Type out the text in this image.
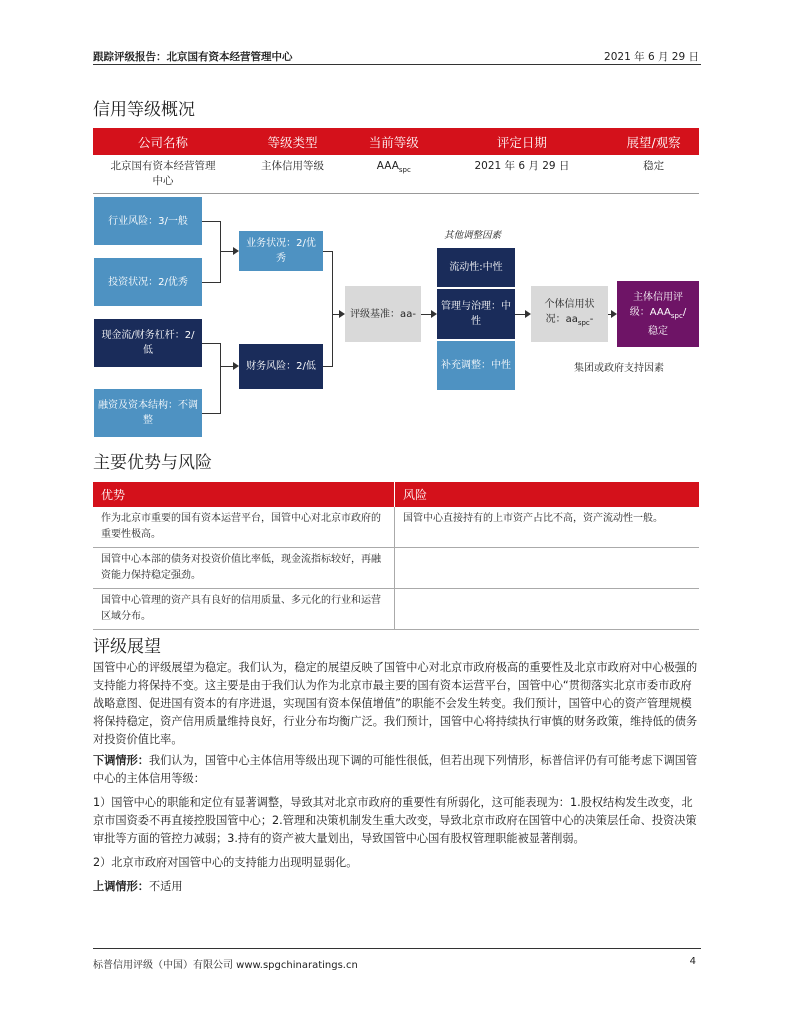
跟踪评级报告：北京国有资本经营管理中心	2021 年 6 月 29 日
信用等级概况
公司名称	等级类型	当前等级	评定日期	展望/观察
北京国有资本经营管理中心	主体信用等级	$AAA_{spc}$	2021 年 6 月 29 日	稳定
行业风险：3/一般
投资状况：2/优秀
现金流/财务杠杆：2/低
融资及资本结构：不调整
业务状况：2/优秀
财务风险：2/低
评级基准：aa-
其他调整因素
流动性:中性
管理与治理：中性
补充调整：中性
个体信用状况：$aa_{spc}-$
主体信用评级：$AAA_{spc}/$稳定
集团或政府支持因素
主要优势与风险
优势	风险
作为北京市重要的国有资本运营平台，国管中心对北京市政府的重要性极高。	国管中心直接持有的上市资产占比不高，资产流动性一般。
国管中心本部的债务对投资价值比率低，现金流指标较好，再融资能力保持稳定强劲。	
国管中心管理的资产具有良好的信用质量、多元化的行业和运营区域分布。	
评级展望
国管中心的评级展望为稳定。我们认为，稳定的展望反映了国管中心对北京市政府极高的重要性及北京市政府对中心极强的支持能力将保持不变。这主要是由于我们认为作为北京市最主要的国有资本运营平台，国管中心“贯彻落实北京市委市政府战略意图、促进国有资本的有序进退，实现国有资本保值增值”的职能不会发生转变。我们预计，国管中心的资产管理规模将保持稳定，资产信用质量维持良好，行业分布均衡广泛。我们预计，国管中心将持续执行审慎的财务政策，维持低的债务对投资价值比率。
下调情形：我们认为，国管中心主体信用等级出现下调的可能性很低，但若出现下列情形，标普信评仍有可能考虑下调国管中心的主体信用等级：
1）国管中心的职能和定位有显著调整，导致其对北京市政府的重要性有所弱化，这可能表现为：1.股权结构发生改变，北京市国资委不再直接控股国管中心；2.管理和决策机制发生重大改变，导致北京市政府在国管中心的决策层任命、投资决策审批等方面的管控力减弱；3.持有的资产被大量划出，导致国管中心国有股权管理职能被显著削弱。
2）北京市政府对国管中心的支持能力出现明显弱化。
上调情形：不适用
标普信用评级（中国）有限公司 www.spgchinaratings.cn	4
